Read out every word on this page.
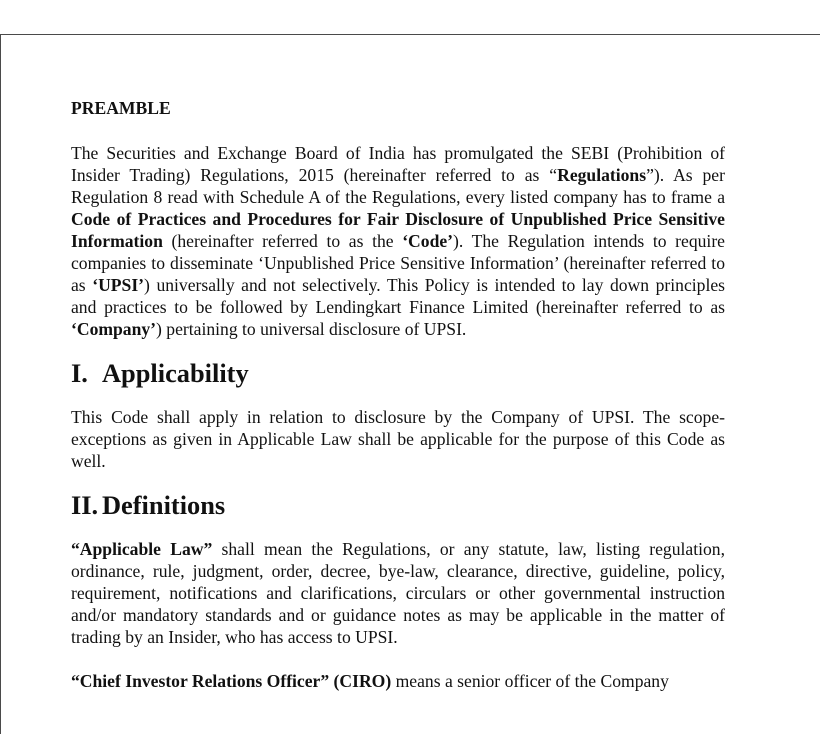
PREAMBLE

The Securities and Exchange Board of India has promulgated the SEBI (Prohibition of Insider Trading) Regulations, 2015 (hereinafter referred to as “Regulations”). As per Regulation 8 read with Schedule A of the Regulations, every listed company has to frame a Code of Practices and Procedures for Fair Disclosure of Unpublished Price Sensitive Information (hereinafter referred to as the ‘Code’). The Regulation intends to require companies to disseminate ‘Unpublished Price Sensitive Information’ (hereinafter referred to as ‘UPSI’) universally and not selectively. This Policy is intended to lay down principles and practices to be followed by Lendingkart Finance Limited (hereinafter referred to as ‘Company’) pertaining to universal disclosure of UPSI.

I. Applicability

This Code shall apply in relation to disclosure by the Company of UPSI. The scope-exceptions as given in Applicable Law shall be applicable for the purpose of this Code as well.

II. Definitions

“Applicable Law” shall mean the Regulations, or any statute, law, listing regulation, ordinance, rule, judgment, order, decree, bye-law, clearance, directive, guideline, policy, requirement, notifications and clarifications, circulars or other governmental instruction and/or mandatory standards and or guidance notes as may be applicable in the matter of trading by an Insider, who has access to UPSI.

“Chief Investor Relations Officer” (CIRO) means a senior officer of the Company
